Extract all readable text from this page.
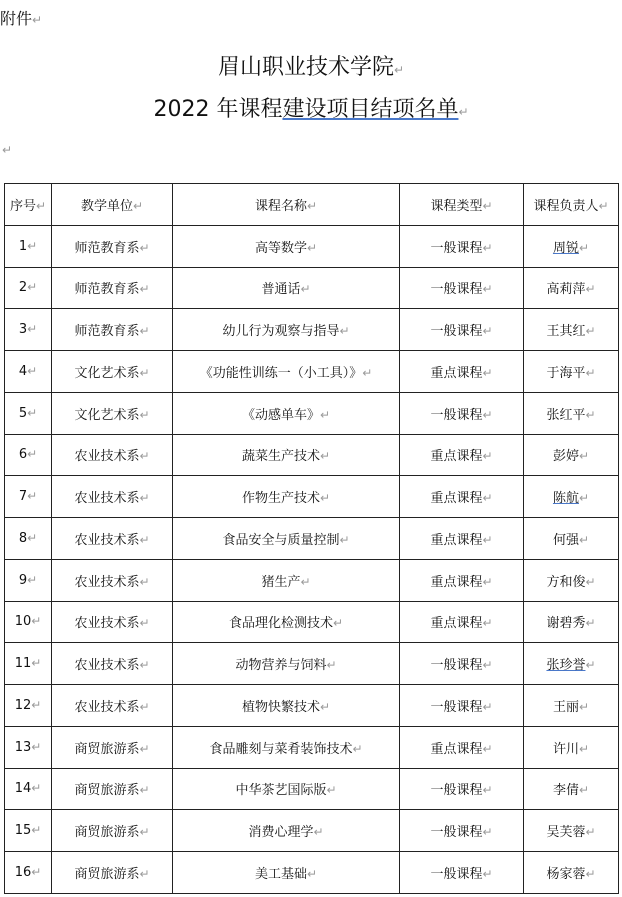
附件↵
眉山职业技术学院↵
2022 年课程建设项目结项名单↵
↵
序号↵	教学单位↵	课程名称↵	课程类型↵	课程负责人↵
1↵	师范教育系↵	高等数学↵	一般课程↵	周锐↵
2↵	师范教育系↵	普通话↵	一般课程↵	高莉萍↵
3↵	师范教育系↵	幼儿行为观察与指导↵	一般课程↵	王其红↵
4↵	文化艺术系↵	《功能性训练一（小工具）》↵	重点课程↵	于海平↵
5↵	文化艺术系↵	《动感单车》↵	一般课程↵	张红平↵
6↵	农业技术系↵	蔬菜生产技术↵	重点课程↵	彭婷↵
7↵	农业技术系↵	作物生产技术↵	重点课程↵	陈航↵
8↵	农业技术系↵	食品安全与质量控制↵	重点课程↵	何强↵
9↵	农业技术系↵	猪生产↵	重点课程↵	方和俊↵
10↵	农业技术系↵	食品理化检测技术↵	重点课程↵	谢碧秀↵
11↵	农业技术系↵	动物营养与饲料↵	一般课程↵	张珍誉↵
12↵	农业技术系↵	植物快繁技术↵	一般课程↵	王丽↵
13↵	商贸旅游系↵	食品雕刻与菜肴装饰技术↵	重点课程↵	许川↵
14↵	商贸旅游系↵	中华茶艺国际版↵	一般课程↵	李倩↵
15↵	商贸旅游系↵	消费心理学↵	一般课程↵	吴芙蓉↵
16↵	商贸旅游系↵	美工基础↵	一般课程↵	杨家蓉↵
